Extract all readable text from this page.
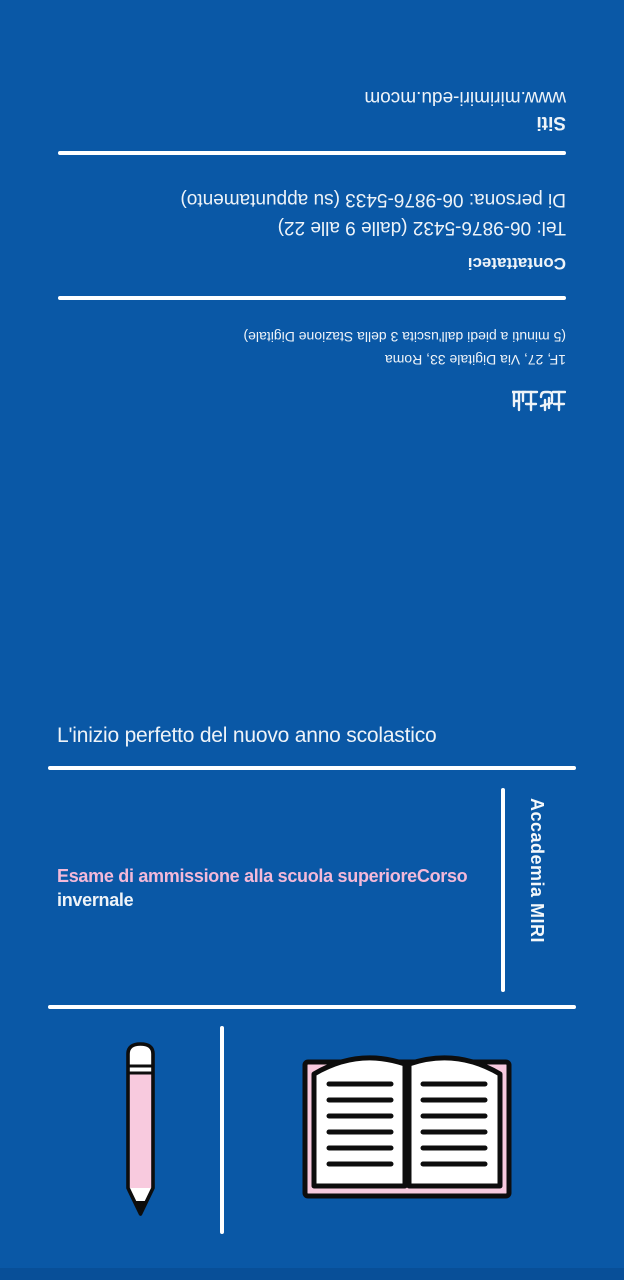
1F, 27, Via Digitale 33, Roma

(5 minuti a piedi dall'uscita 3 della Stazione Digitale)

Contattateci

Tel: 06-9876-5432 (dalle 9 alle 22)

Di persona: 06-9876-5433 (su appuntamento)

Siti

www.mirimiri-edu.mcom

L'inizio perfetto del nuovo anno scolastico
Esame di ammissione alla scuola superioreCorso
invernale	Accademia MIRI
